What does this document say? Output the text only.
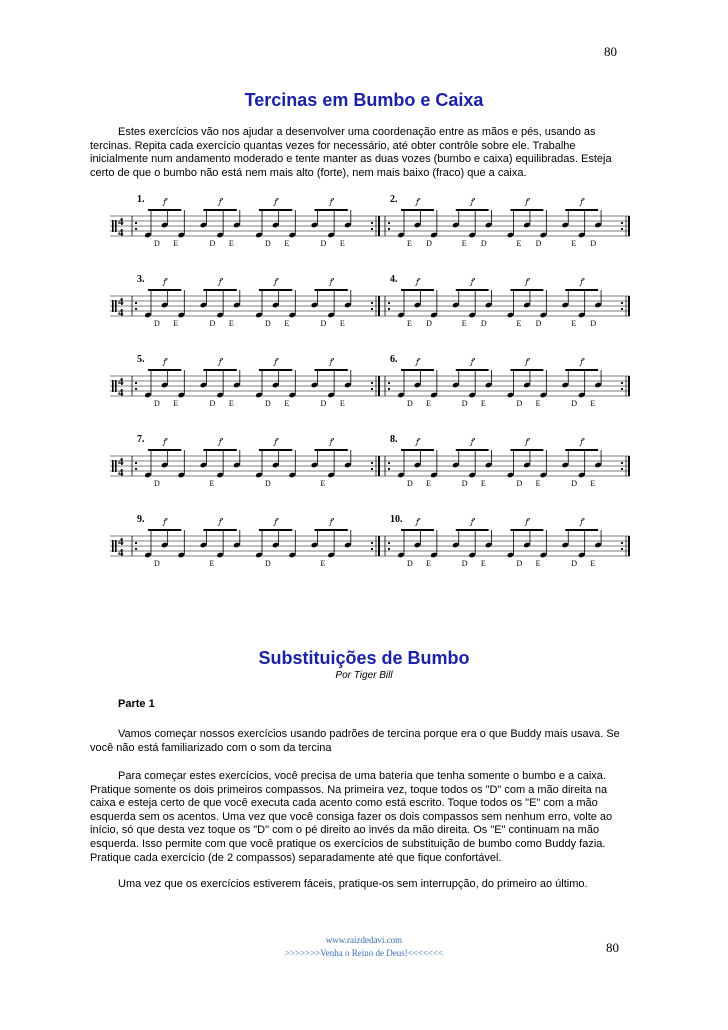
80
Tercinas em Bumbo e Caixa

Estes exercícios vão nos ajudar a desenvolver uma coordenação entre as mãos e pés, usando as tercinas. Repita cada exercício quantas vezes for necessário, até obter contrôle sobre ele. Trabalhe inicialmente num andamento moderado e tente manter as duas vozes (bumbo e caixa) equilibradas. Esteja certo de que o bumbo não está nem mais alto (forte), nem mais baixo (fraco) que a caixa.

4
4
1. ꝭ
D E
ꝭ
D E
ꝭ
D E
ꝭ
D E
2. ꝭ
E D
ꝭ
E D
ꝭ
E D
ꝭ
E D
4
4
3. ꝭ
D E
ꝭ
D E
ꝭ
D E
ꝭ
D E
4. ꝭ
E D
ꝭ
E D
ꝭ
E D
ꝭ
E D
4
4
5. ꝭ
D E
ꝭ
D E
ꝭ
D E
ꝭ
D E
6. ꝭ
D E
ꝭ
D E
ꝭ
D E
ꝭ
D E
4
4
7. ꝭ
D
ꝭ
E
ꝭ
D
ꝭ
E
8. ꝭ
D E
ꝭ
D E
ꝭ
D E
ꝭ
D E
4
4
9. ꝭ
D
ꝭ
E
ꝭ
D
ꝭ
E
10. ꝭ
D E
ꝭ
D E
ꝭ
D E
ꝭ
D E
Substituições de Bumbo
Por Tiger Bill
Parte 1

Vamos começar nossos exercícios usando padrões de tercina porque era o que Buddy mais usava. Se você não está familiarizado com o som da tercina

Para começar estes exercícios, você precisa de uma bateria que tenha somente o bumbo e a caixa. Pratique somente os dois primeiros compassos. Na primeira vez, toque todos os "D" com a mão direita na caixa e esteja certo de que você executa cada acento como está escrito. Toque todos os "E" com a mão esquerda sem os acentos. Uma vez que você consiga fazer os dois compassos sem nenhum erro, volte ao início, só que desta vez toque os "D" com o pé direito ao invés da mão direita. Os "E" continuam na mão esquerda. Isso permite com que você pratique os exercícios de substituição de bumbo como Buddy fazia. Pratique cada exercício (de 2 compassos) separadamente até que fique confortável.

Uma vez que os exercícios estiverem fáceis, pratique-os sem interrupção, do primeiro ao último.

80
www.raizdedavi.com
>>>>>>>Venha o Reino de Deus!<<<<<<<
